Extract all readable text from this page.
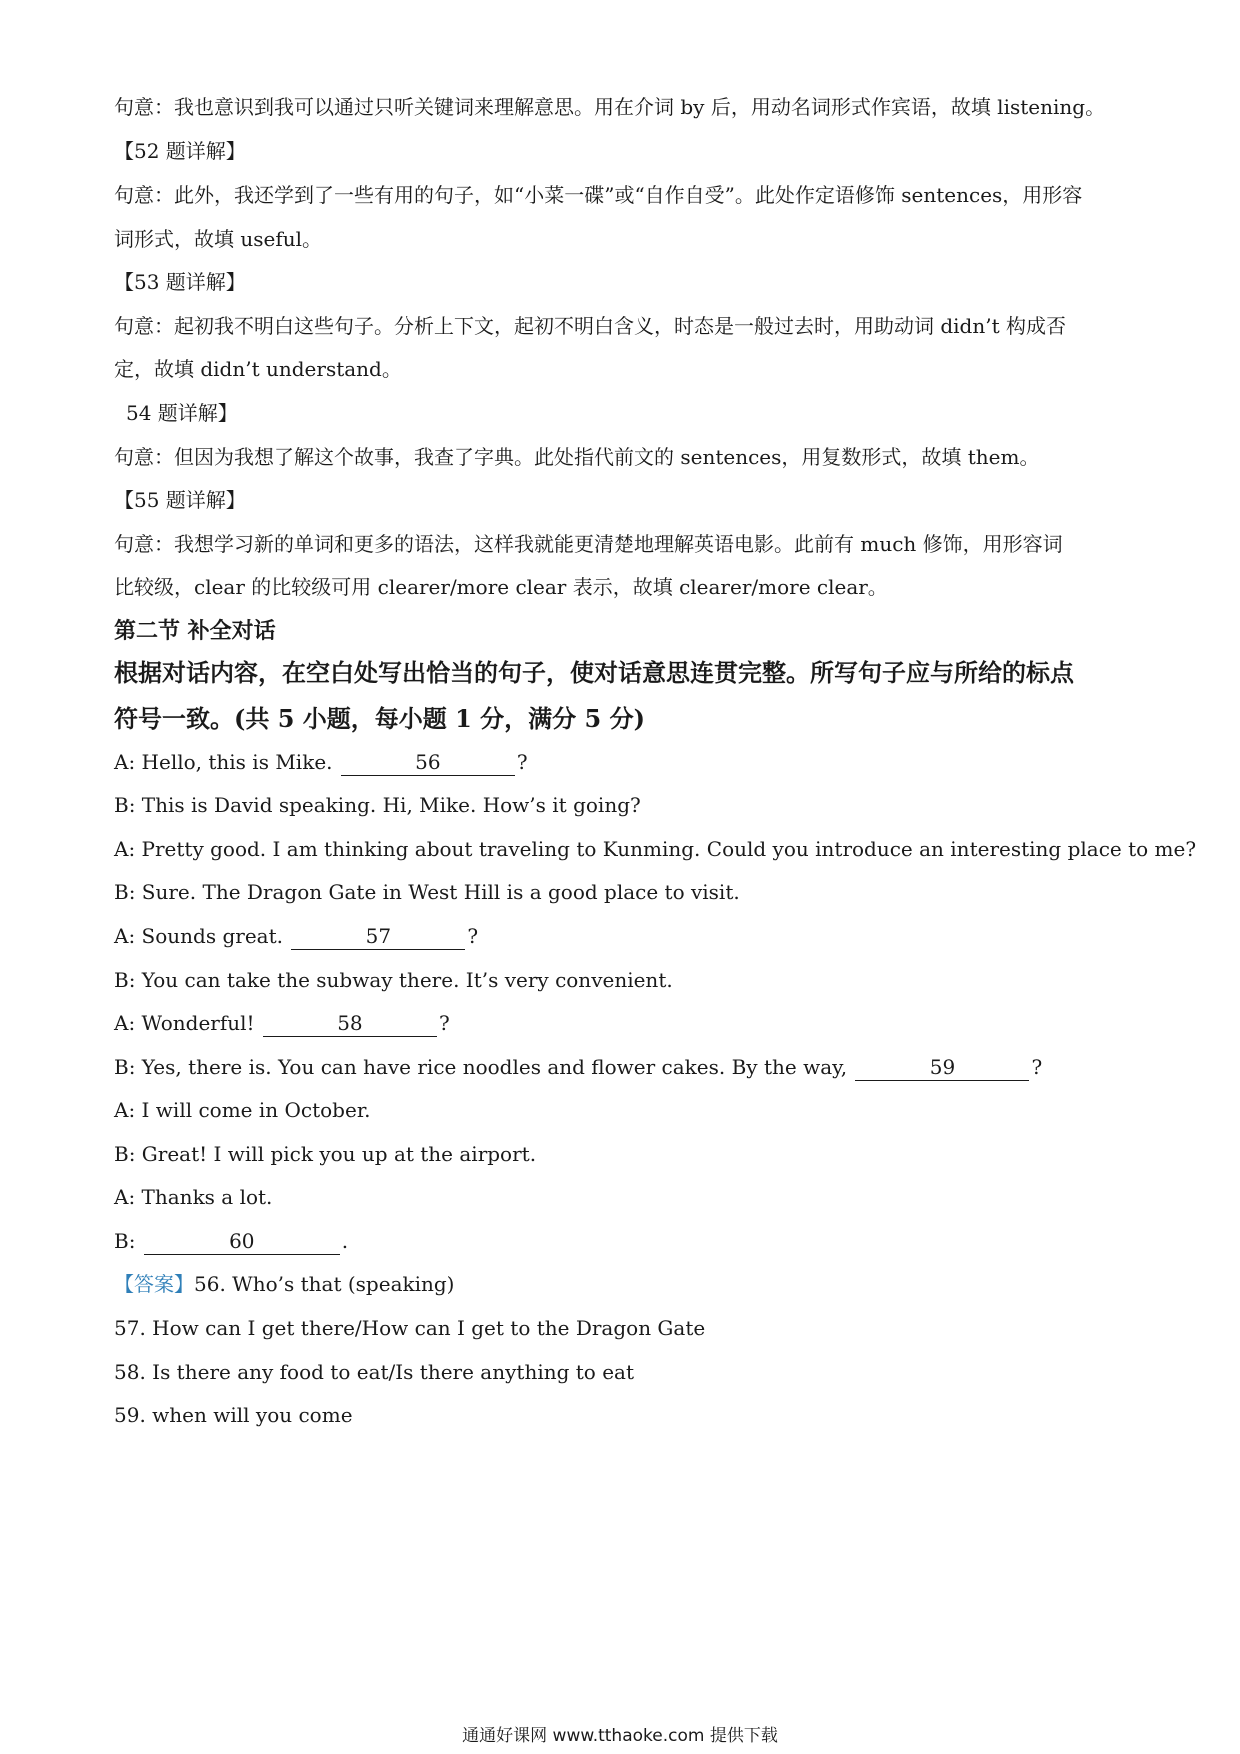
句意：我也意识到我可以通过只听关键词来理解意思。用在介词 by 后，用动名词形式作宾语，故填 listening。
【52 题详解】
句意：此外，我还学到了一些有用的句子，如“小菜一碟”或“自作自受”。此处作定语修饰 sentences，用形容
词形式，故填 useful。
【53 题详解】
句意：起初我不明白这些句子。分析上下文，起初不明白含义，时态是一般过去时，用助动词 didn’t 构成否
定，故填 didn’t understand。
54 题详解】
句意：但因为我想了解这个故事，我查了字典。此处指代前文的 sentences，用复数形式，故填 them。
【55 题详解】
句意：我想学习新的单词和更多的语法，这样我就能更清楚地理解英语电影。此前有 much 修饰，用形容词
比较级，clear 的比较级可用 clearer/more clear 表示，故填 clearer/more clear。
第二节 补全对话
根据对话内容，在空白处写出恰当的句子，使对话意思连贯完整。所写句子应与所给的标点
符号一致。(共 5 小题，每小题 1 分，满分 5 分)
A: Hello, this is Mike.	56	?
B: This is David speaking. Hi, Mike. How’s it going?
A: Pretty good. I am thinking about traveling to Kunming. Could you introduce an interesting place to me?
B: Sure. The Dragon Gate in West Hill is a good place to visit.
A: Sounds great.	57	?
B: You can take the subway there. It’s very convenient.
A: Wonderful!	58	?
B: Yes, there is. You can have rice noodles and flower cakes. By the way,	59	?
A: I will come in October.
B: Great! I will pick you up at the airport.
A: Thanks a lot.
B:	60	.
【答案】56. Who’s that (speaking)
57. How can I get there/How can I get to the Dragon Gate
58. Is there any food to eat/Is there anything to eat
59. when will you come
通通好课网 www.tthaoke.com 提供下载
